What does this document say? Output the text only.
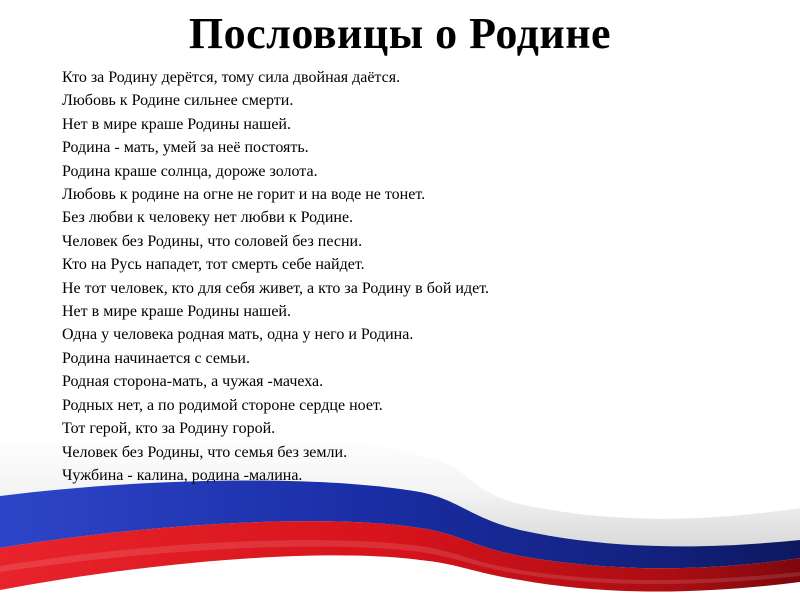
Пословицы о Родине
Кто за Родину дерётся, тому сила двойная даётся.
Любовь к Родине сильнее смерти.
Нет в мире краше Родины нашей.
Родина - мать, умей за неё постоять.
Родина краше солнца, дороже золота.
Любовь к родине на огне не горит и на воде не тонет.
Без любви к человеку нет любви к Родине.
Человек без Родины, что соловей без песни.
Кто на Русь нападет, тот смерть себе найдет.
Не тот человек, кто для себя живет, а кто за Родину в бой идет.
Нет в мире краше Родины нашей.
Одна у человека родная мать, одна у него и Родина.
Родина начинается с семьи.
Родная сторона-мать, а чужая -мачеха.
Родных нет, а по родимой стороне сердце ноет.
Тот герой, кто за Родину горой.
Человек без Родины, что семья без земли.
Чужбина - калина, родина -малина.
